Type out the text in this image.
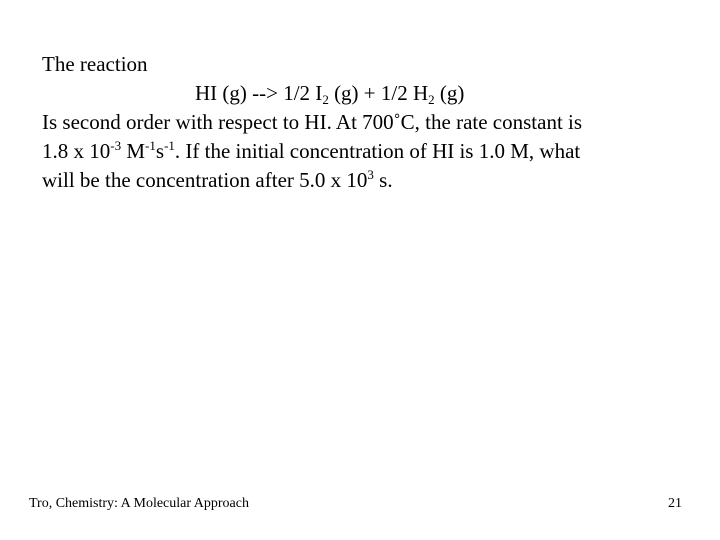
The reaction
HI (g) --> 1/2 $I_2$ (g) + 1/2 $H_2$ (g)
Is second order with respect to HI. At 700˚C, the rate constant is
1.8 x $10^{-3}$ $M^{-1}s^{-1}$. If the initial concentration of HI is 1.0 M, what
will be the concentration after 5.0 x $10^3$ s.
Tro, Chemistry: A Molecular Approach	21
